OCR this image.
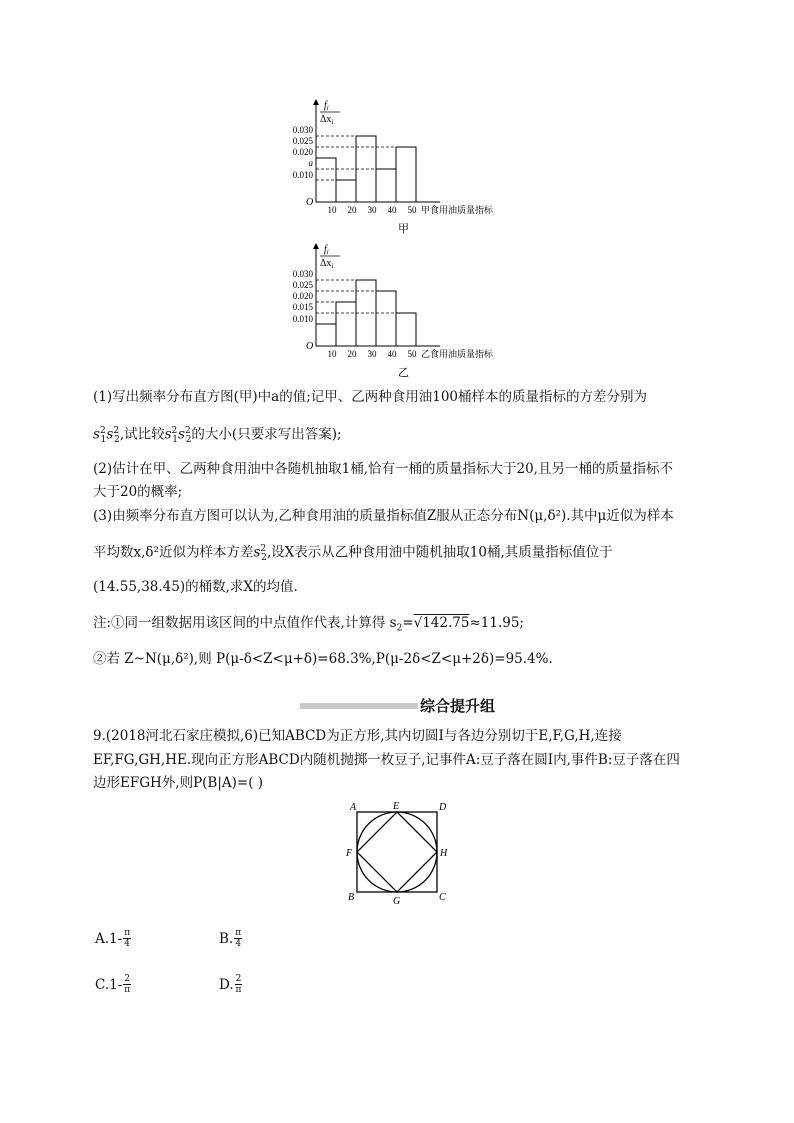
$f_i$
$\Delta x_i$
0.030
0.025
0.020
a
0.010
O
10 20 30 40 50 甲食用油质量指标
甲
$f_i$
$\Delta x_i$
0.030
0.025
0.020
0.015
0.010
O
10 20 30 40 50 乙食用油质量指标
乙
(1)写出频率分布直方图(甲)中a的值;记甲、乙两种食用油100桶样本的质量指标的方差分别为
$s^2_1s^2_2$,试比较$s^2_1s^2_2$的大小(只要求写出答案);
(2)估计在甲、乙两种食用油中各随机抽取1桶,恰有一桶的质量指标大于20,且另一桶的质量指标不
大于20的概率;
(3)由频率分布直方图可以认为,乙种食用油的质量指标值Z服从正态分布N(μ,δ²).其中μ近似为样本
平均数x,δ²近似为样本方差$s^2_2$,设X表示从乙种食用油中随机抽取10桶,其质量指标值位于
(14.55,38.45)的桶数,求X的均值.
注:①同一组数据用该区间的中点值作代表,计算得 $s_2=√142.75\approx 11.95$;
②若 Z~N(μ,δ²),则 P(μ-δ<Z<μ+δ)=68.3%,P(μ-2δ<Z<μ+2δ)=95.4%.
综合提升组
9.(2018河北石家庄模拟,6)已知ABCD为正方形,其内切圆I与各边分别切于E,F,G,H,连接
EF,FG,GH,HE.现向正方形ABCD内随机抛掷一枚豆子,记事件A:豆子落在圆I内,事件B:豆子落在四
边形EFGH外,则P(B|A)=( )
A	E	D
F	H
B	G	C
$A.1- \frac{\pi}{4}$	B. $\frac{\pi}{4}$
$C.1- \frac{2}{\pi}$	D. $\frac{2}{\pi}$
